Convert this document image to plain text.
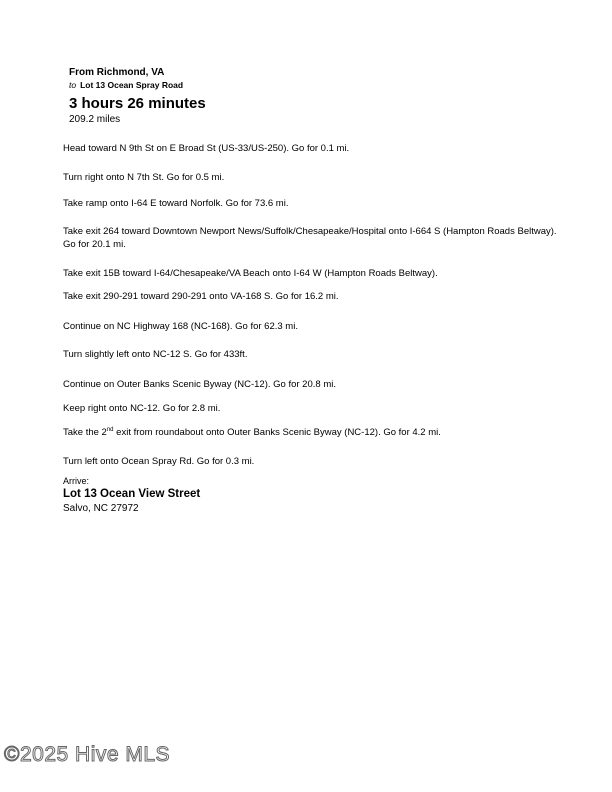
From Richmond, VA
to Lot 13 Ocean Spray Road
3 hours 26 minutes
209.2 miles
Head toward N 9th St on E Broad St (US-33/US-250). Go for 0.1 mi.
Turn right onto N 7th St. Go for 0.5 mi.
Take ramp onto I-64 E toward Norfolk. Go for 73.6 mi.
Take exit 264 toward Downtown Newport News/Suffolk/Chesapeake/Hospital onto I-664 S (Hampton Roads Beltway). Go for 20.1 mi.
Take exit 15B toward I-64/Chesapeake/VA Beach onto I-64 W (Hampton Roads Beltway).
Take exit 290-291 toward 290-291 onto VA-168 S. Go for 16.2 mi.
Continue on NC Highway 168 (NC-168). Go for 62.3 mi.
Turn slightly left onto NC-12 S. Go for 433ft.
Continue on Outer Banks Scenic Byway (NC-12). Go for 20.8 mi.
Keep right onto NC-12. Go for 2.8 mi.
Take the 2nd exit from roundabout onto Outer Banks Scenic Byway (NC-12). Go for 4.2 mi.
Turn left onto Ocean Spray Rd. Go for 0.3 mi.
Arrive:
Lot 13 Ocean View Street
Salvo, NC 27972
©2025 Hive MLS
